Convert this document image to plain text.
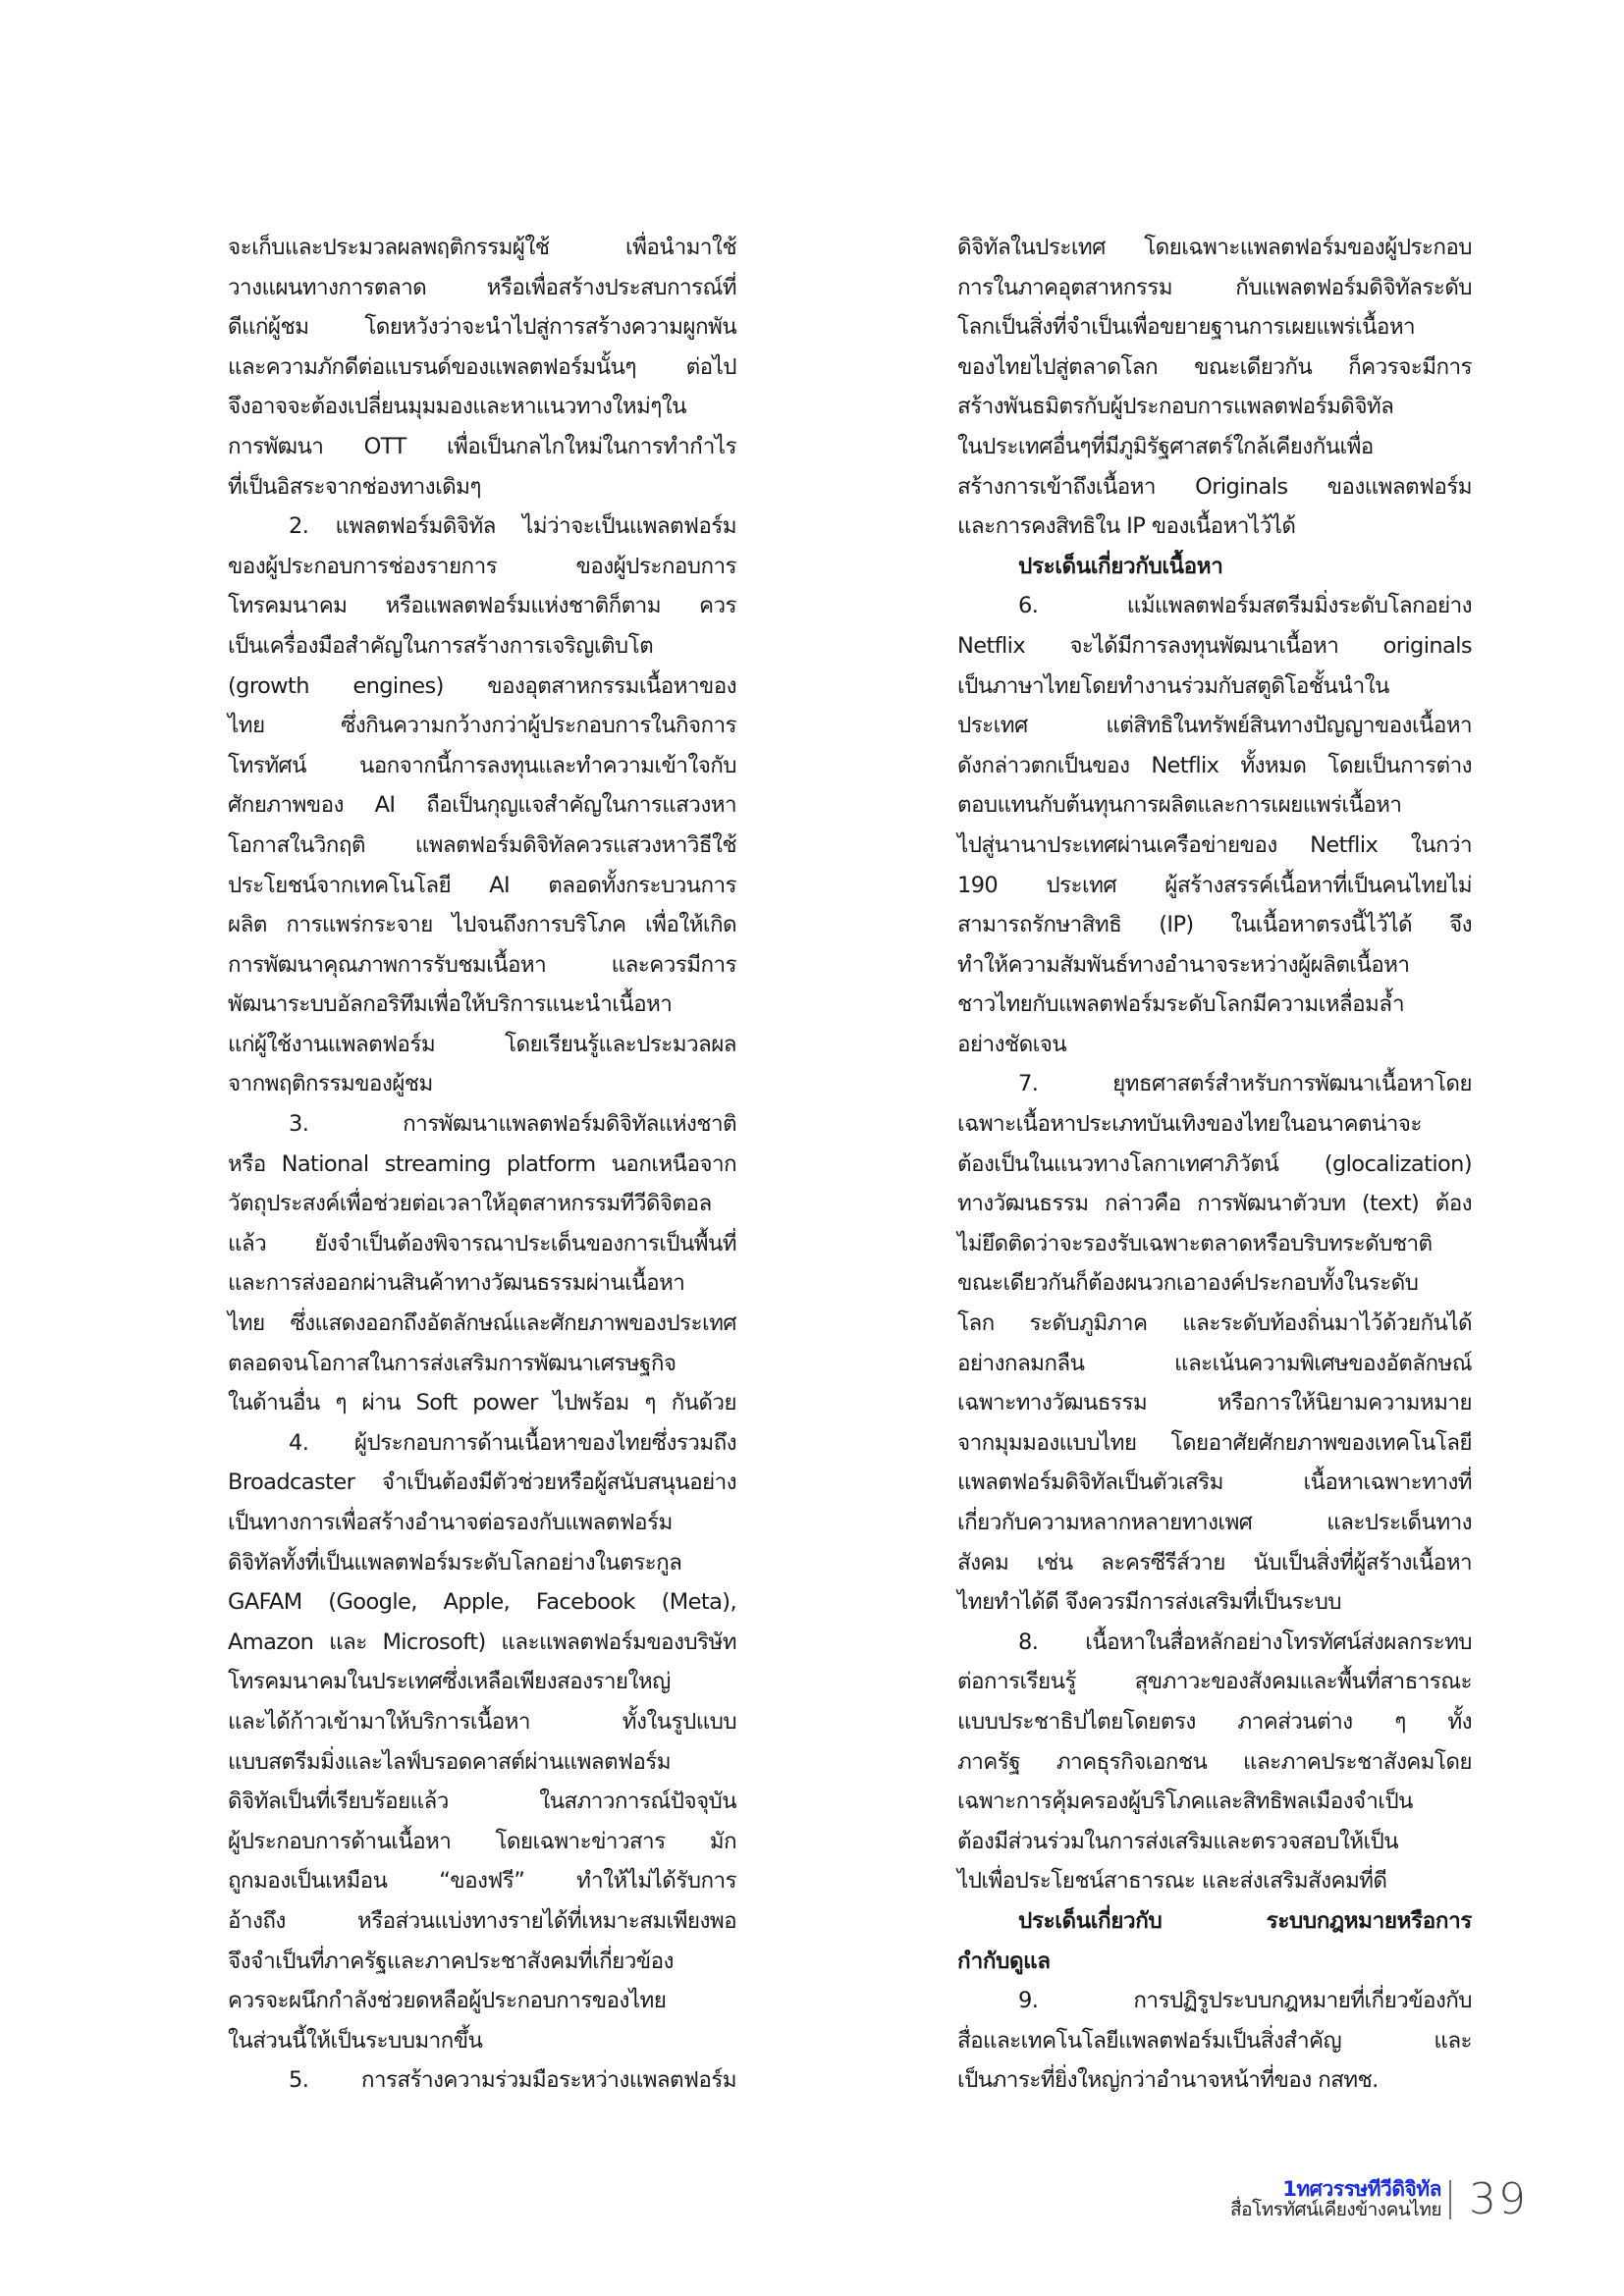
จะเก็บและประมวลผลพฤติกรรมผู้ใช้ เพื่อนำมาใช้
วางแผนทางการตลาด หรือเพื่อสร้างประสบการณ์ที่
ดีแก่ผู้ชม โดยหวังว่าจะนำไปสู่การสร้างความผูกพัน
และความภักดีต่อแบรนด์ของแพลตฟอร์มนั้นๆ ต่อไป
จึงอาจจะต้องเปลี่ยนมุมมองและหาแนวทางใหม่ๆใน
การพัฒนา OTT เพื่อเป็นกลไกใหม่ในการทำกำไร
ที่เป็นอิสระจากช่องทางเดิมๆ
2. แพลตฟอร์มดิจิทัล ไม่ว่าจะเป็นแพลตฟอร์ม
ของผู้ประกอบการช่องรายการ ของผู้ประกอบการ
โทรคมนาคม หรือแพลตฟอร์มแห่งชาติก็ตาม ควร
เป็นเครื่องมือสำคัญในการสร้างการเจริญเติบโต
(growth engines) ของอุตสาหกรรมเนื้อหาของ
ไทย ซึ่งกินความกว้างกว่าผู้ประกอบการในกิจการ
โทรทัศน์ นอกจากนี้การลงทุนและทำความเข้าใจกับ
ศักยภาพของ AI ถือเป็นกุญแจสำคัญในการแสวงหา
โอกาสในวิกฤติ แพลตฟอร์มดิจิทัลควรแสวงหาวิธีใช้
ประโยชน์จากเทคโนโลยี AI ตลอดทั้งกระบวนการ
ผลิต การแพร่กระจาย ไปจนถึงการบริโภค เพื่อให้เกิด
การพัฒนาคุณภาพการรับชมเนื้อหา และควรมีการ
พัฒนาระบบอัลกอริทึมเพื่อให้บริการแนะนำเนื้อหา
แก่ผู้ใช้งานแพลตฟอร์ม โดยเรียนรู้และประมวลผล
จากพฤติกรรมของผู้ชม
3. การพัฒนาแพลตฟอร์มดิจิทัลแห่งชาติ
หรือ National streaming platform นอกเหนือจาก
วัตถุประสงค์เพื่อช่วยต่อเวลาให้อุตสาหกรรมทีวีดิจิตอล
แล้ว ยังจำเป็นต้องพิจารณาประเด็นของการเป็นพื้นที่
และการส่งออกผ่านสินค้าทางวัฒนธรรมผ่านเนื้อหา
ไทย ซึ่งแสดงออกถึงอัตลักษณ์และศักยภาพของประเทศ
ตลอดจนโอกาสในการส่งเสริมการพัฒนาเศรษฐกิจ
ในด้านอื่น ๆ ผ่าน Soft power ไปพร้อม ๆ กันด้วย
4. ผู้ประกอบการด้านเนื้อหาของไทยซึ่งรวมถึง
Broadcaster จำเป็นต้องมีตัวช่วยหรือผู้สนับสนุนอย่าง
เป็นทางการเพื่อสร้างอำนาจต่อรองกับแพลตฟอร์ม
ดิจิทัลทั้งที่เป็นแพลตฟอร์มระดับโลกอย่างในตระกูล
GAFAM (Google, Apple, Facebook (Meta),
Amazon และ Microsoft) และแพลตฟอร์มของบริษัท
โทรคมนาคมในประเทศซึ่งเหลือเพียงสองรายใหญ่
และได้ก้าวเข้ามาให้บริการเนื้อหา ทั้งในรูปแบบ
แบบสตรีมมิ่งและไลฟ์บรอดคาสต์ผ่านแพลตฟอร์ม
ดิจิทัลเป็นที่เรียบร้อยแล้ว ในสภาวการณ์ปัจจุบัน
ผู้ประกอบการด้านเนื้อหา โดยเฉพาะข่าวสาร มัก
ถูกมองเป็นเหมือน “ของฟรี” ทำให้ไม่ได้รับการ
อ้างถึง หรือส่วนแบ่งทางรายได้ที่เหมาะสมเพียงพอ
จึงจำเป็นที่ภาครัฐและภาคประชาสังคมที่เกี่ยวข้อง
ควรจะผนึกกำลังช่วยดหลือผู้ประกอบการของไทย
ในส่วนนี้ให้เป็นระบบมากขึ้น
5. การสร้างความร่วมมือระหว่างแพลตฟอร์ม
ดิจิทัลในประเทศ โดยเฉพาะแพลตฟอร์มของผู้ประกอบ
การในภาคอุตสาหกรรม กับแพลตฟอร์มดิจิทัลระดับ
โลกเป็นสิ่งที่จำเป็นเพื่อขยายฐานการเผยแพร่เนื้อหา
ของไทยไปสู่ตลาดโลก ขณะเดียวกัน ก็ควรจะมีการ
สร้างพันธมิตรกับผู้ประกอบการแพลตฟอร์มดิจิทัล
ในประเทศอื่นๆที่มีภูมิรัฐศาสตร์ใกล้เคียงกันเพื่อ
สร้างการเข้าถึงเนื้อหา Originals ของแพลตฟอร์ม
และการคงสิทธิใน IP ของเนื้อหาไว้ได้
ประเด็นเกี่ยวกับเนื้อหา
6. แม้แพลตฟอร์มสตรีมมิ่งระดับโลกอย่าง
Netflix จะได้มีการลงทุนพัฒนาเนื้อหา originals
เป็นภาษาไทยโดยทำงานร่วมกับสตูดิโอชั้นนำใน
ประเทศ แต่สิทธิในทรัพย์สินทางปัญญาของเนื้อหา
ดังกล่าวตกเป็นของ Netflix ทั้งหมด โดยเป็นการต่าง
ตอบแทนกับต้นทุนการผลิตและการเผยแพร่เนื้อหา
ไปสู่นานาประเทศผ่านเครือข่ายของ Netflix ในกว่า
190 ประเทศ ผู้สร้างสรรค์เนื้อหาที่เป็นคนไทยไม่
สามารถรักษาสิทธิ (IP) ในเนื้อหาตรงนี้ไว้ได้ จึง
ทำให้ความสัมพันธ์ทางอำนาจระหว่างผู้ผลิตเนื้อหา
ชาวไทยกับแพลตฟอร์มระดับโลกมีความเหลื่อมล้ำ
อย่างชัดเจน
7. ยุทธศาสตร์สำหรับการพัฒนาเนื้อหาโดย
เฉพาะเนื้อหาประเภทบันเทิงของไทยในอนาคตน่าจะ
ต้องเป็นในแนวทางโลกาเทศาภิวัตน์ (glocalization)
ทางวัฒนธรรม กล่าวคือ การพัฒนาตัวบท (text) ต้อง
ไม่ยึดติดว่าจะรองรับเฉพาะตลาดหรือบริบทระดับชาติ
ขณะเดียวกันก็ต้องผนวกเอาองค์ประกอบทั้งในระดับ
โลก ระดับภูมิภาค และระดับท้องถิ่นมาไว้ด้วยกันได้
อย่างกลมกลืน และเน้นความพิเศษของอัตลักษณ์
เฉพาะทางวัฒนธรรม หรือการให้นิยามความหมาย
จากมุมมองแบบไทย โดยอาศัยศักยภาพของเทคโนโลยี
แพลตฟอร์มดิจิทัลเป็นตัวเสริม เนื้อหาเฉพาะทางที่
เกี่ยวกับความหลากหลายทางเพศ และประเด็นทาง
สังคม เช่น ละครซีรีส์วาย นับเป็นสิ่งที่ผู้สร้างเนื้อหา
ไทยทำได้ดี จึงควรมีการส่งเสริมที่เป็นระบบ
8. เนื้อหาในสื่อหลักอย่างโทรทัศน์ส่งผลกระทบ
ต่อการเรียนรู้ สุขภาวะของสังคมและพื้นที่สาธารณะ
แบบประชาธิปไตยโดยตรง ภาคส่วนต่าง ๆ ทั้ง
ภาครัฐ ภาคธุรกิจเอกชน และภาคประชาสังคมโดย
เฉพาะการคุ้มครองผู้บริโภคและสิทธิพลเมืองจำเป็น
ต้องมีส่วนร่วมในการส่งเสริมและตรวจสอบให้เป็น
ไปเพื่อประโยชน์สาธารณะ และส่งเสริมสังคมที่ดี
ประเด็นเกี่ยวกับ ระบบกฎหมายหรือการ
กำกับดูแล
9. การปฏิรูประบบกฎหมายที่เกี่ยวข้องกับ
สื่อและเทคโนโลยีแพลตฟอร์มเป็นสิ่งสำคัญ และ
เป็นภาระที่ยิ่งใหญ่กว่าอำนาจหน้าที่ของ กสทช.
1ทศวรรษทีวีดิจิทัล
สื่อโทรทัศน์เคียงข้างคนไทย 39
